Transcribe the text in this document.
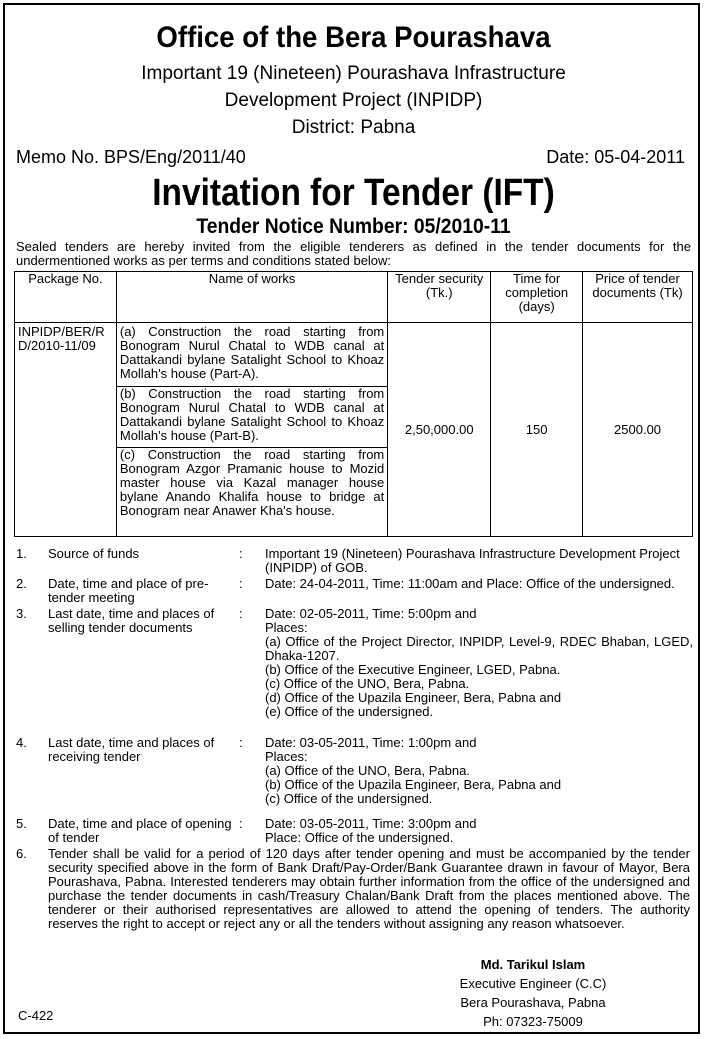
Office of the Bera Pourashava
Important 19 (Nineteen) Pourashava Infrastructure
Development Project (INPIDP)
District: Pabna
Memo No. BPS/Eng/2011/40	Date: 05-04-2011
Invitation for Tender (IFT)
Tender Notice Number: 05/2010-11
Sealed tenders are hereby invited from the eligible tenderers as defined in the tender documents for the undermentioned works as per terms and conditions stated below:
Package No.	Name of works	Tender security (Tk.)	Time for completion (days)	Price of tender documents (Tk)
INPIDP/BER/RD/2010-11/09	(a) Construction the road starting from Bonogram Nurul Chatal to WDB canal at Dattakandi bylane Satalight School to Khoaz Mollah's house (Part-A).	2,50,000.00	150	2500.00
	(b) Construction the road starting from Bonogram Nurul Chatal to WDB canal at Dattakandi bylane Satalight School to Khoaz Mollah's house (Part-B).			
	(c) Construction the road starting from Bonogram Azgor Pramanic house to Mozid master house via Kazal manager house bylane Anando Khalifa house to bridge at Bonogram near Anawer Kha's house.			
1.	Source of funds	: Important 19 (Nineteen) Pourashava Infrastructure Development Project (INPIDP) of GOB.
2.	Date, time and place of pre-tender meeting
: Date: 24-04-2011, Time: 11:00am and Place: Office of the undersigned.
3.	Last date, time and places of selling tender documents
: Date: 02-05-2011, Time: 5:00pm and
Places:
(a) Office of the Project Director, INPIDP, Level-9, RDEC Bhaban, LGED, Dhaka-1207.
(b) Office of the Executive Engineer, LGED, Pabna.
(c) Office of the UNO, Bera, Pabna.
(d) Office of the Upazila Engineer, Bera, Pabna and
(e) Office of the undersigned.
4.	Last date, time and places of receiving tender
: Date: 03-05-2011, Time: 1:00pm and
Places:
(a) Office of the UNO, Bera, Pabna.
(b) Office of the Upazila Engineer, Bera, Pabna and
(c) Office of the undersigned.
5.	Date, time and place of opening of tender
: Date: 03-05-2011, Time: 3:00pm and
Place: Office of the undersigned.
6.	Tender shall be valid for a period of 120 days after tender opening and must be accompanied by the tender security specified above in the form of Bank Draft/Pay-Order/Bank Guarantee drawn in favour of Mayor, Bera Pourashava, Pabna. Interested tenderers may obtain further information from the office of the undersigned and purchase the tender documents in cash/Treasury Chalan/Bank Draft from the places mentioned above. The tenderer or their authorised representatives are allowed to attend the opening of tenders. The authority reserves the right to accept or reject any or all the tenders without assigning any reason whatsoever.
Md. Tarikul Islam
Executive Engineer (C.C)
Bera Pourashava, Pabna
Ph: 07323-75009
C-422
